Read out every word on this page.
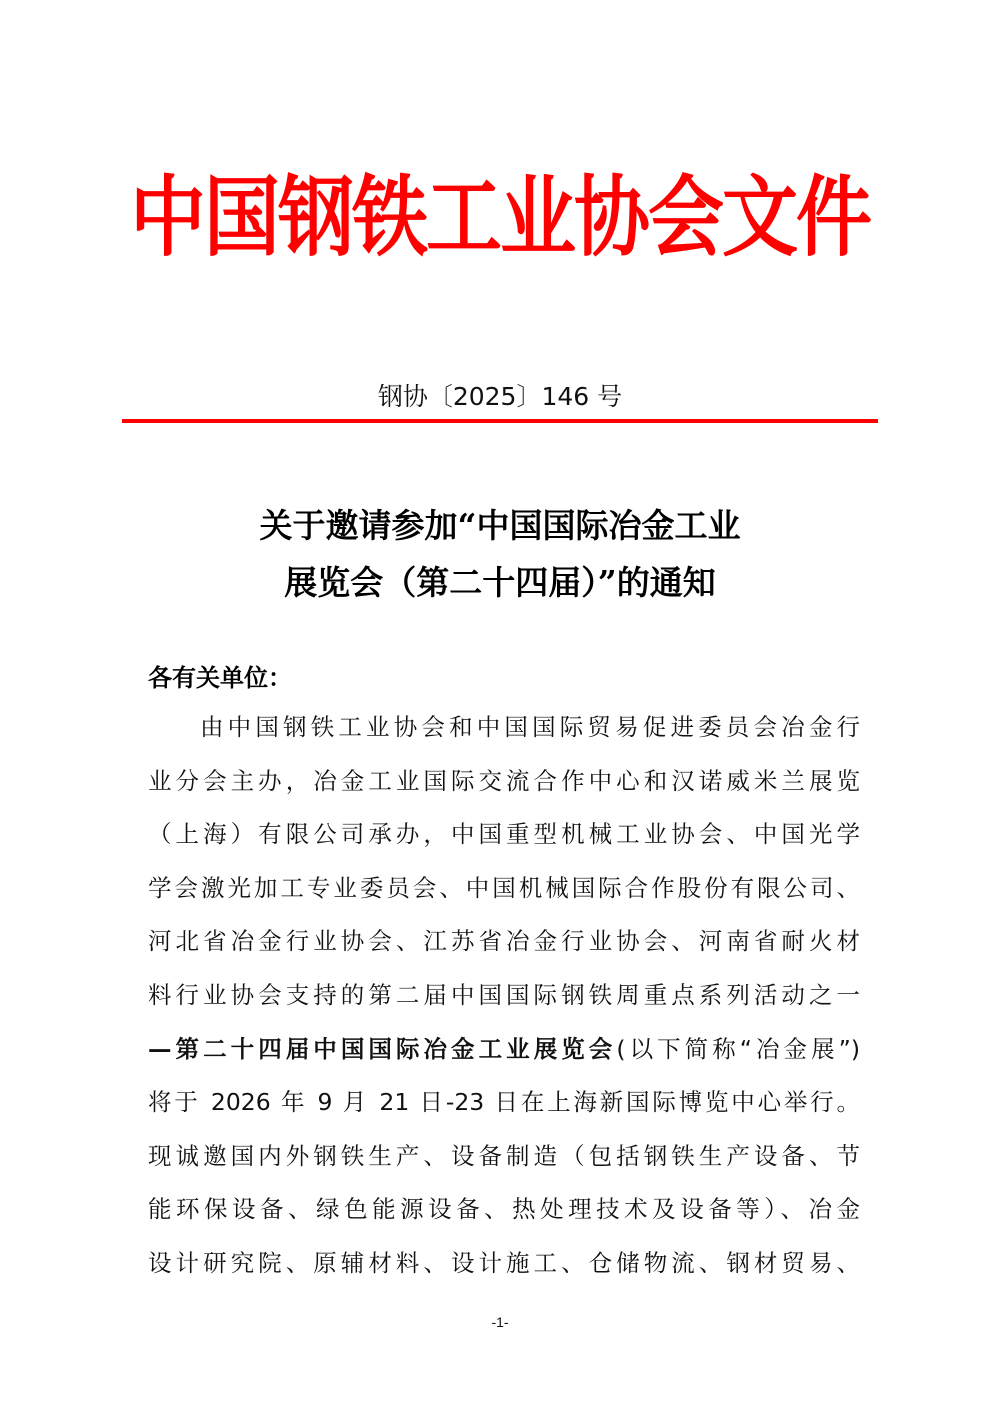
中国钢铁工业协会文件
钢协〔2025〕146 号
关于邀请参加“中国国际冶金工业
展览会（第二十四届）”的通知
各有关单位：
由中国钢铁工业协会和中国国际贸易促进委员会冶金行
业分会主办，冶金工业国际交流合作中心和汉诺威米兰展览
（上海）有限公司承办，中国重型机械工业协会、中国光学
学会激光加工专业委员会、中国机械国际合作股份有限公司、
河北省冶金行业协会、江苏省冶金行业协会、河南省耐火材
料行业协会支持的第二届中国国际钢铁周重点系列活动之一
—第二十四届中国国际冶金工业展览会(以下简称“冶金展”)
将于 2026 年 9 月 21 日-23 日在上海新国际博览中心举行。
现诚邀国内外钢铁生产、设备制造（包括钢铁生产设备、节
能环保设备、绿色能源设备、热处理技术及设备等）、冶金
设计研究院、原辅材料、设计施工、仓储物流、钢材贸易、
-1-
